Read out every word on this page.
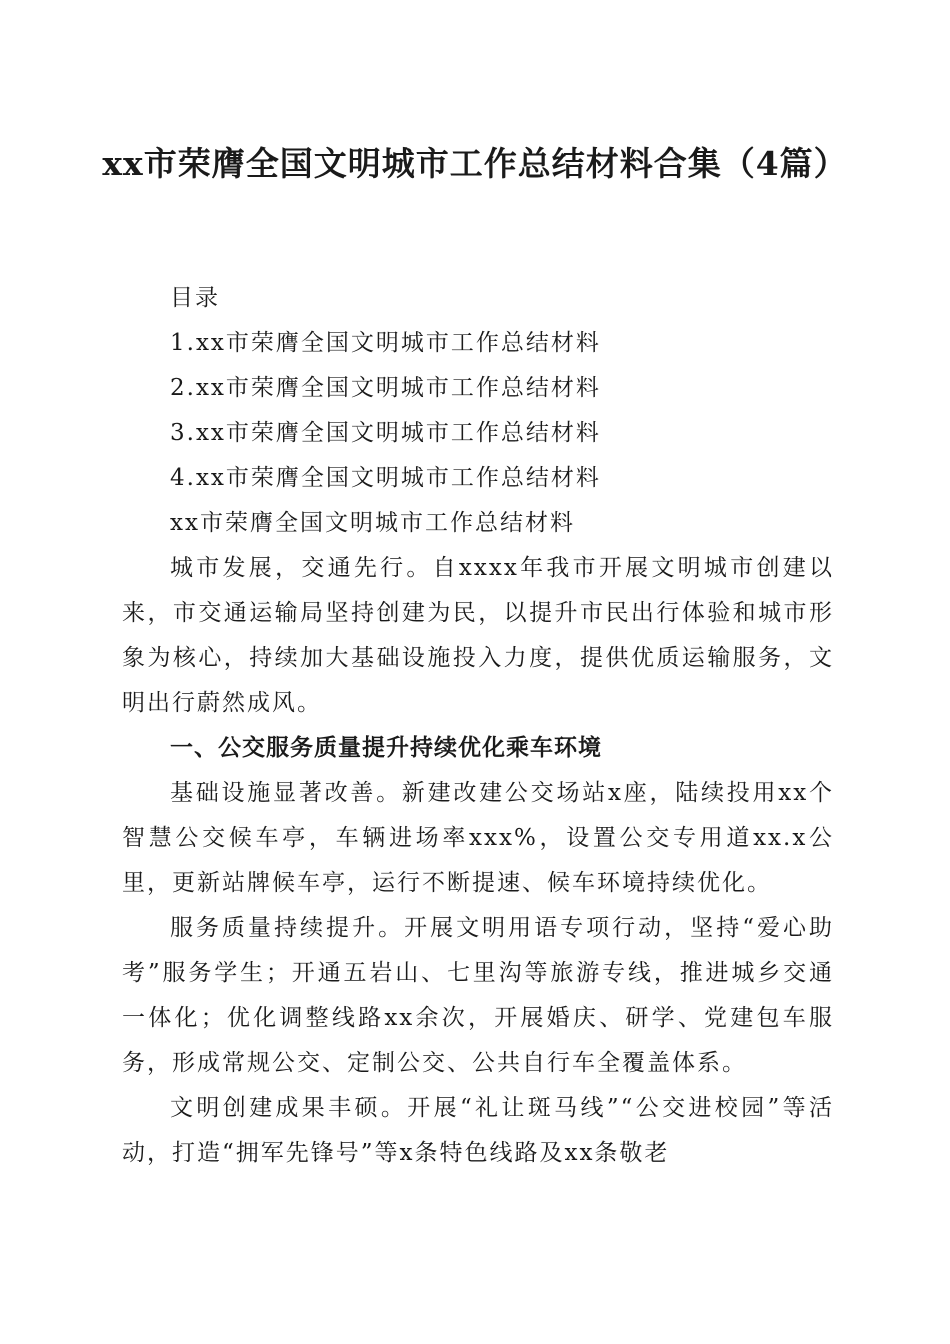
xx市荣膺全国文明城市工作总结材料合集（4篇）

目录

1.xx市荣膺全国文明城市工作总结材料

2.xx市荣膺全国文明城市工作总结材料

3.xx市荣膺全国文明城市工作总结材料

4.xx市荣膺全国文明城市工作总结材料

xx市荣膺全国文明城市工作总结材料

城市发展，交通先行。自xxxx年我市开展文明城市创建以来，市交通运输局坚持创建为民，以提升市民出行体验和城市形象为核心，持续加大基础设施投入力度，提供优质运输服务，文明出行蔚然成风。

一、公交服务质量提升持续优化乘车环境

基础设施显著改善。新建改建公交场站x座，陆续投用xx个智慧公交候车亭，车辆进场率xxx%，设置公交专用道xx.x公里，更新站牌候车亭，运行不断提速、候车环境持续优化。

服务质量持续提升。开展文明用语专项行动，坚持“爱心助考”服务学生；开通五岩山、七里沟等旅游专线，推进城乡交通一体化；优化调整线路xx余次，开展婚庆、研学、党建包车服务，形成常规公交、定制公交、公共自行车全覆盖体系。

文明创建成果丰硕。开展“礼让斑马线”“公交进校园”等活动，打造“拥军先锋号”等x条特色线路及xx条敬老
